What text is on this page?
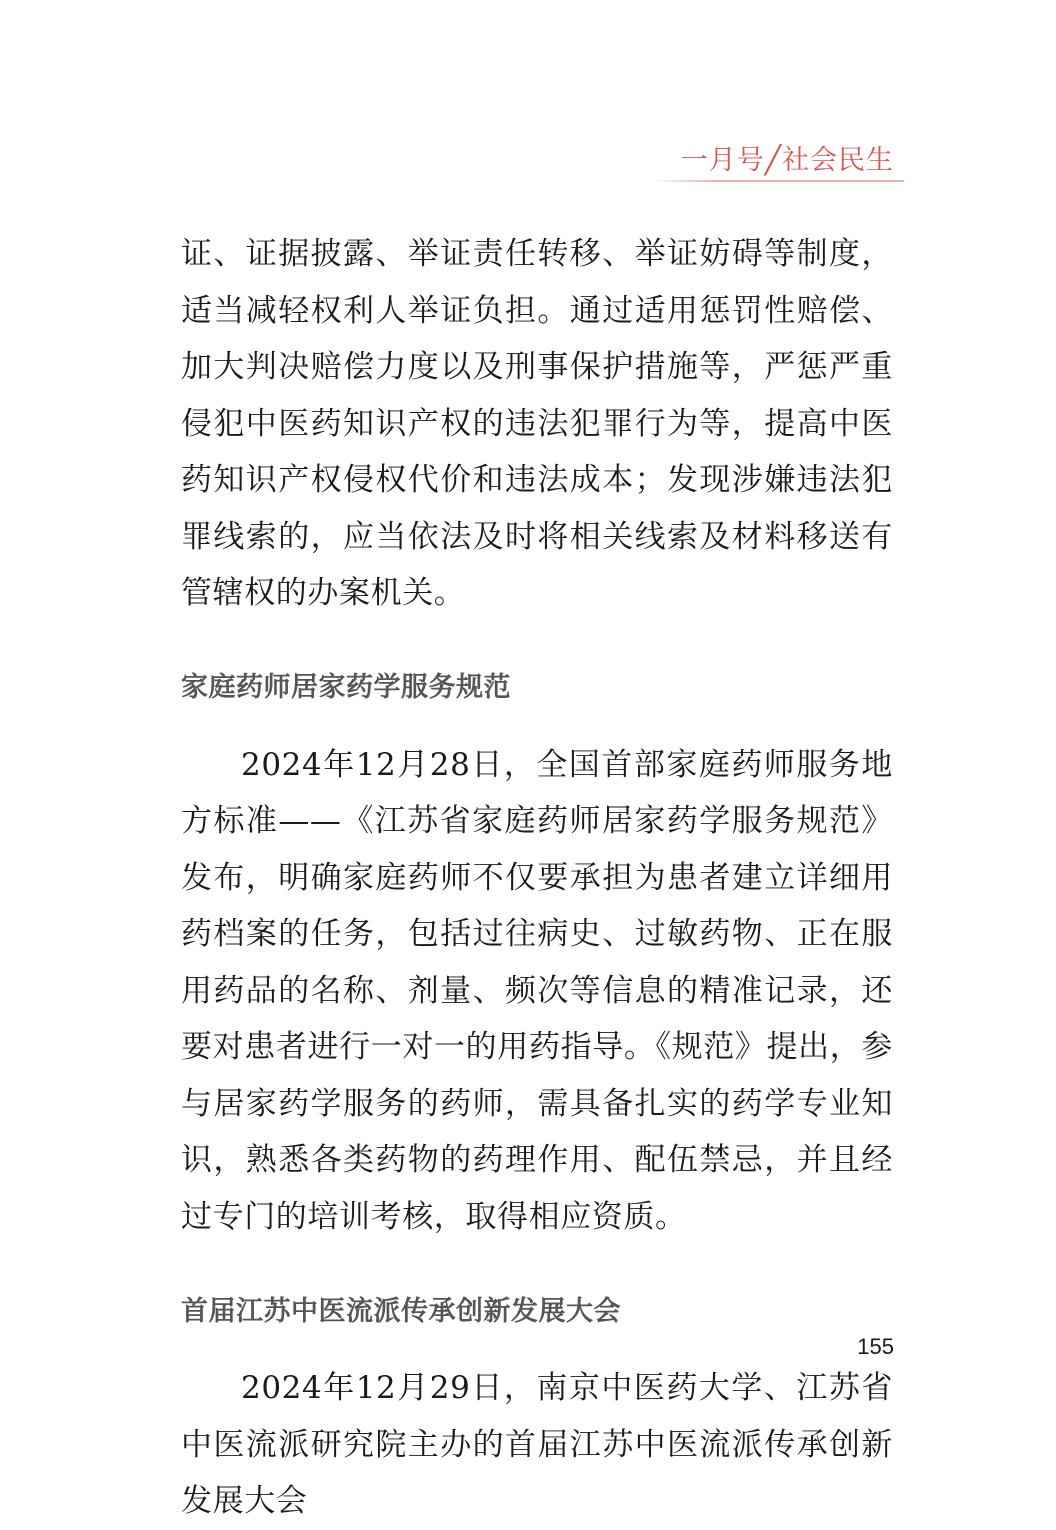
一月号╱社会民生

证、证据披露、举证责任转移、举证妨碍等制度，适当减轻权利人举证负担。通过适用惩罚性赔偿、加大判决赔偿力度以及刑事保护措施等，严惩严重侵犯中医药知识产权的违法犯罪行为等，提高中医药知识产权侵权代价和违法成本；发现涉嫌违法犯罪线索的，应当依法及时将相关线索及材料移送有管辖权的办案机关。

家庭药师居家药学服务规范

2024年12月28日，全国首部家庭药师服务地方标准——《江苏省家庭药师居家药学服务规范》发布，明确家庭药师不仅要承担为患者建立详细用药档案的任务，包括过往病史、过敏药物、正在服用药品的名称、剂量、频次等信息的精准记录，还要对患者进行一对一的用药指导。《规范》提出，参与居家药学服务的药师，需具备扎实的药学专业知识，熟悉各类药物的药理作用、配伍禁忌，并且经过专门的培训考核，取得相应资质。

首届江苏中医流派传承创新发展大会

2024年12月29日，南京中医药大学、江苏省中医流派研究院主办的首届江苏中医流派传承创新发展大会

155
